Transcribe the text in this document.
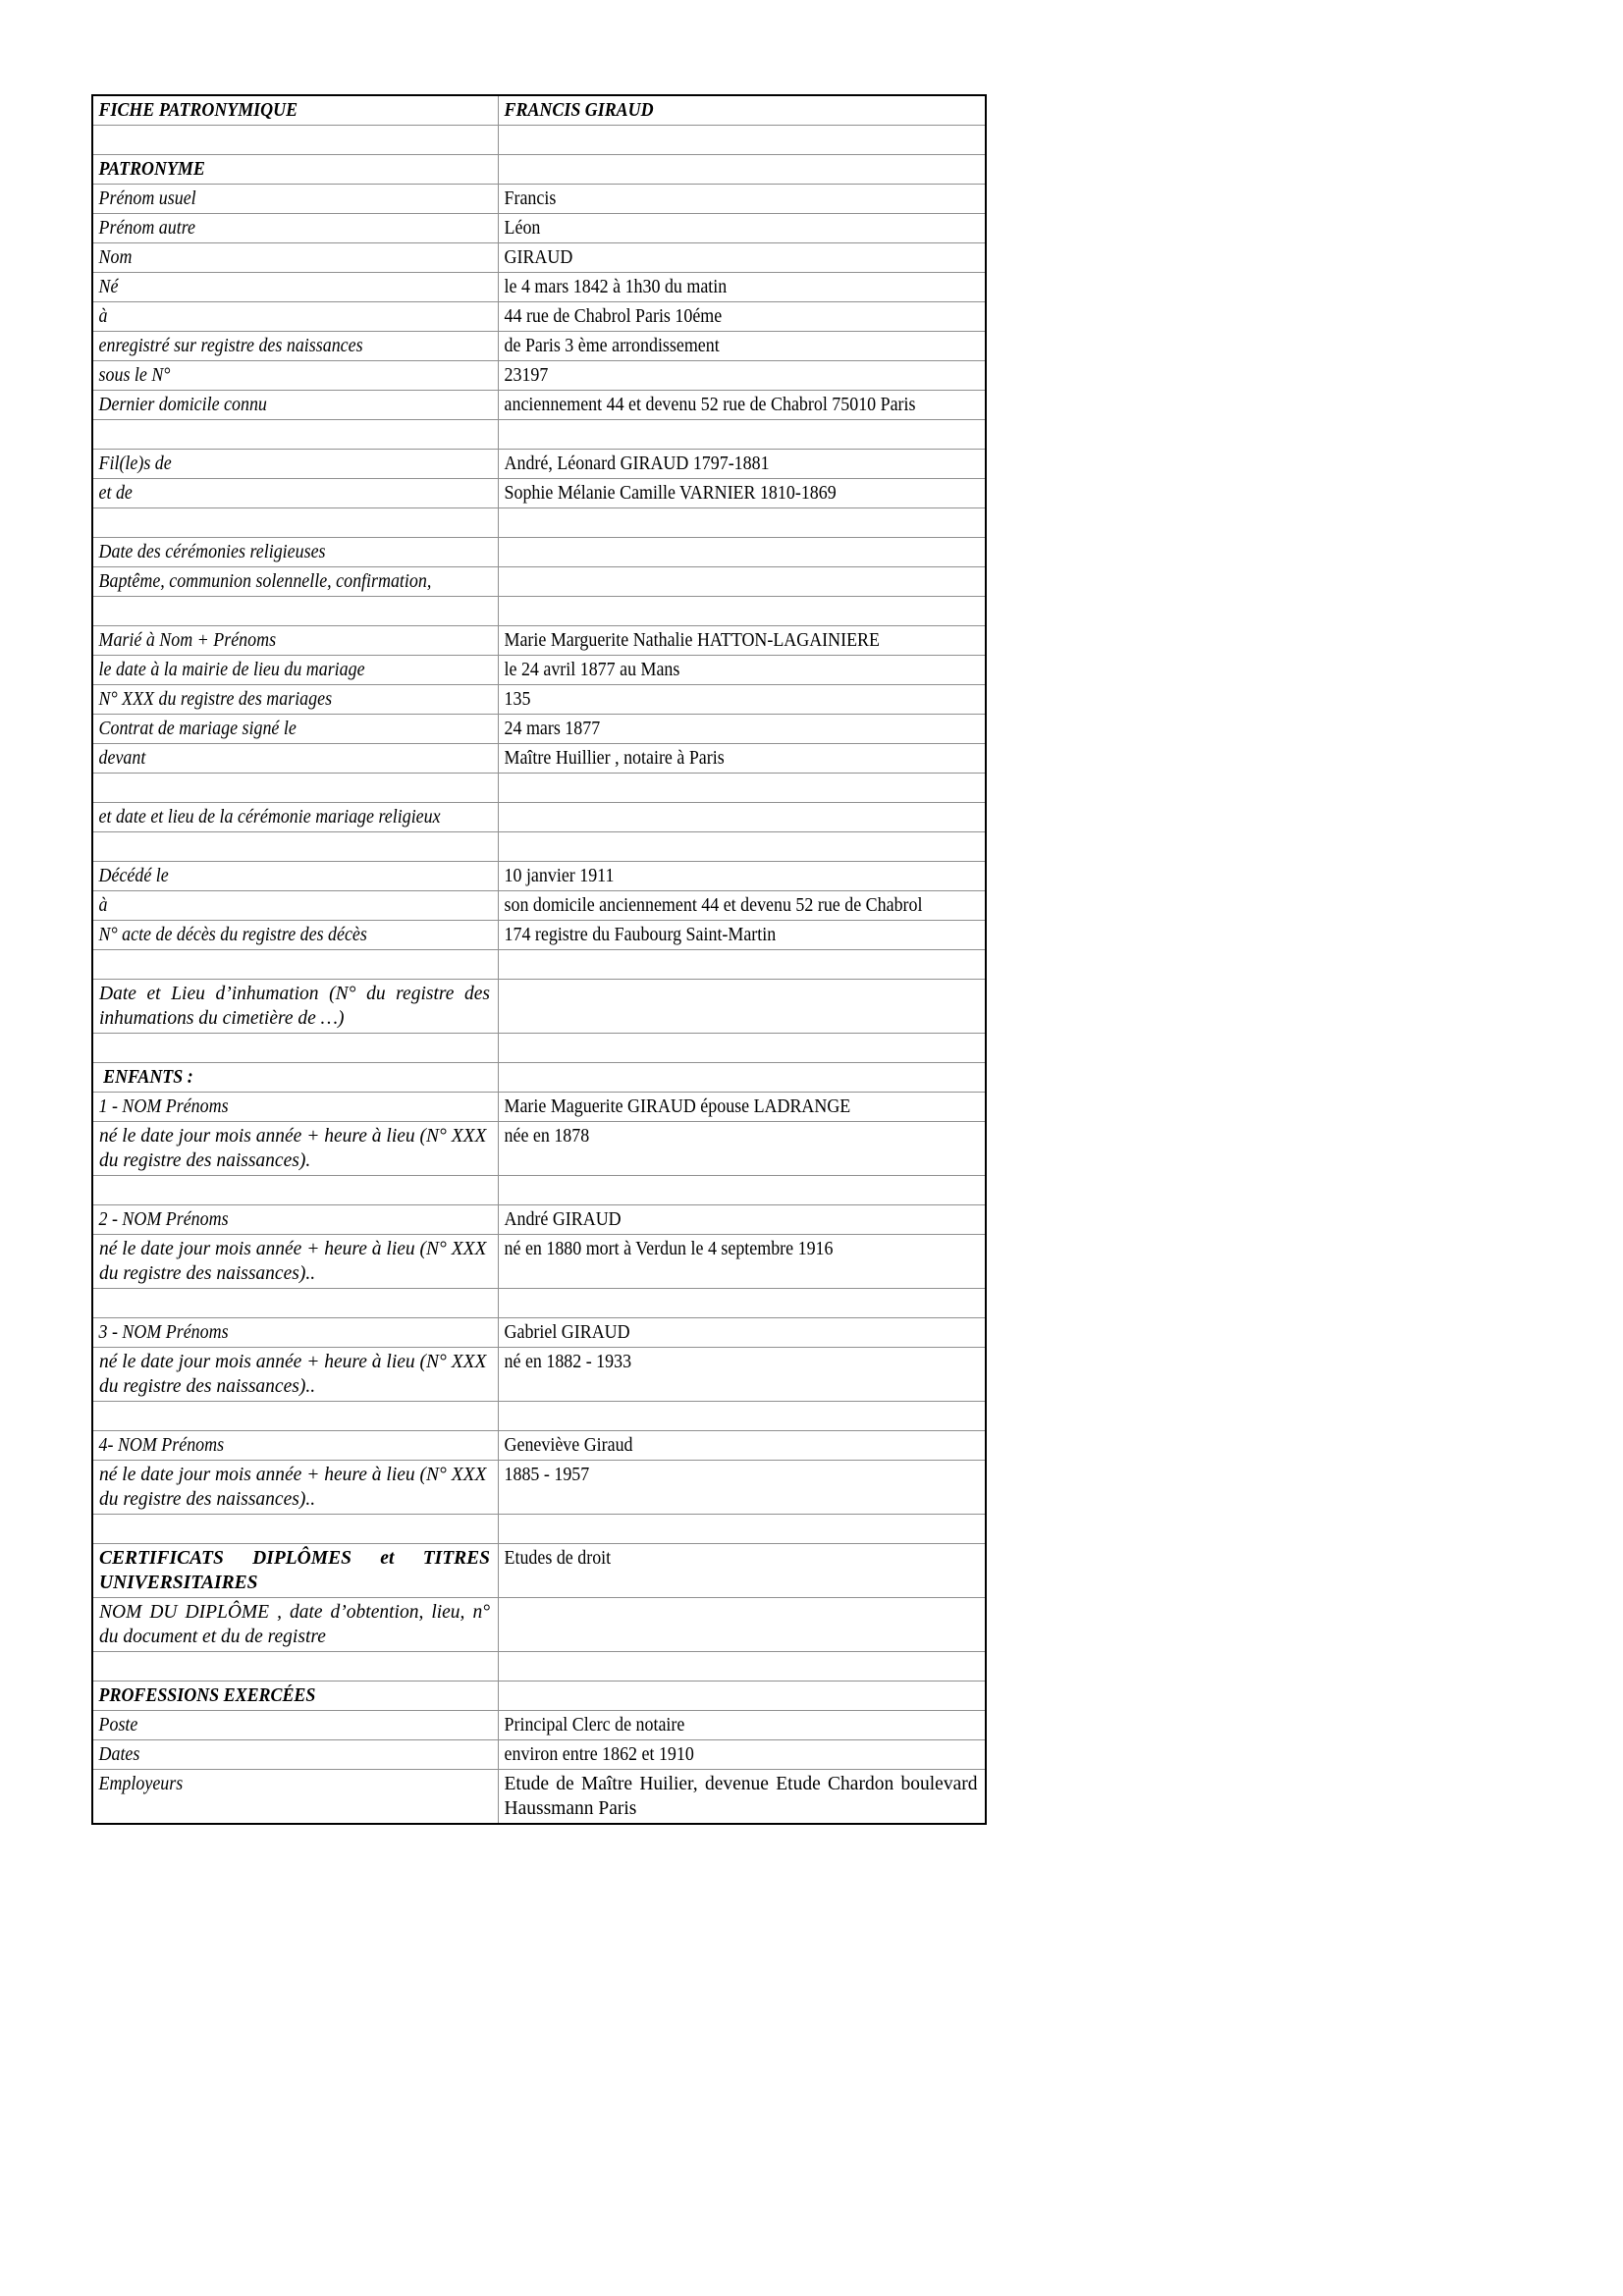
FICHE PATRONYMIQUE	FRANCIS GIRAUD

PATRONYME	

Prénom usuel	Francis

Prénom autre	Léon

Nom	GIRAUD

Né	le 4 mars 1842 à 1h30 du matin

à	44 rue de Chabrol Paris 10éme

enregistré sur registre des naissances	de Paris 3 ème arrondissement

sous le N°	23197

Dernier domicile connu	anciennement 44 et devenu 52 rue de Chabrol 75010 Paris

Fil(le)s de	André, Léonard GIRAUD 1797-1881

et de	Sophie Mélanie Camille VARNIER 1810-1869

Date des cérémonies religieuses	

Baptême, communion solennelle, confirmation,	

Marié à Nom + Prénoms	Marie Marguerite Nathalie HATTON-LAGAINIERE

le date à la mairie de lieu du mariage	le 24 avril 1877 au Mans

N° XXX du registre des mariages	135

Contrat de mariage signé le	24 mars 1877

devant	Maître Huillier , notaire à Paris

et date et lieu de la cérémonie mariage religieux	

Décédé le	10 janvier 1911

à	son domicile anciennement 44 et devenu 52 rue de Chabrol

N° acte de décès du registre des décès	174 registre du Faubourg Saint-Martin

Date et Lieu d’inhumation (N° du registre des inhumations du cimetière de …)	

ENFANTS :	

1 - NOM Prénoms	Marie Maguerite GIRAUD épouse LADRANGE

né le date jour mois année + heure à lieu (N° XXX du registre des naissances).	née en 1878

2 - NOM Prénoms	André GIRAUD

né le date jour mois année + heure à lieu (N° XXX du registre des naissances)..	né en 1880 mort à Verdun le 4 septembre 1916

3 - NOM Prénoms	Gabriel GIRAUD

né le date jour mois année + heure à lieu (N° XXX du registre des naissances)..	né en 1882 - 1933

4- NOM Prénoms	Geneviève Giraud

né le date jour mois année + heure à lieu (N° XXX du registre des naissances)..	1885 - 1957

CERTIFICATS DIPLÔMES et TITRES UNIVERSITAIRES	Etudes de droit

NOM DU DIPLÔME , date d’obtention, lieu, n° du document et du de registre	

PROFESSIONS EXERCÉES	

Poste	Principal Clerc de notaire

Dates	environ entre 1862 et 1910

Employeurs	Etude de Maître Huilier, devenue Etude Chardon boulevard Haussmann Paris
